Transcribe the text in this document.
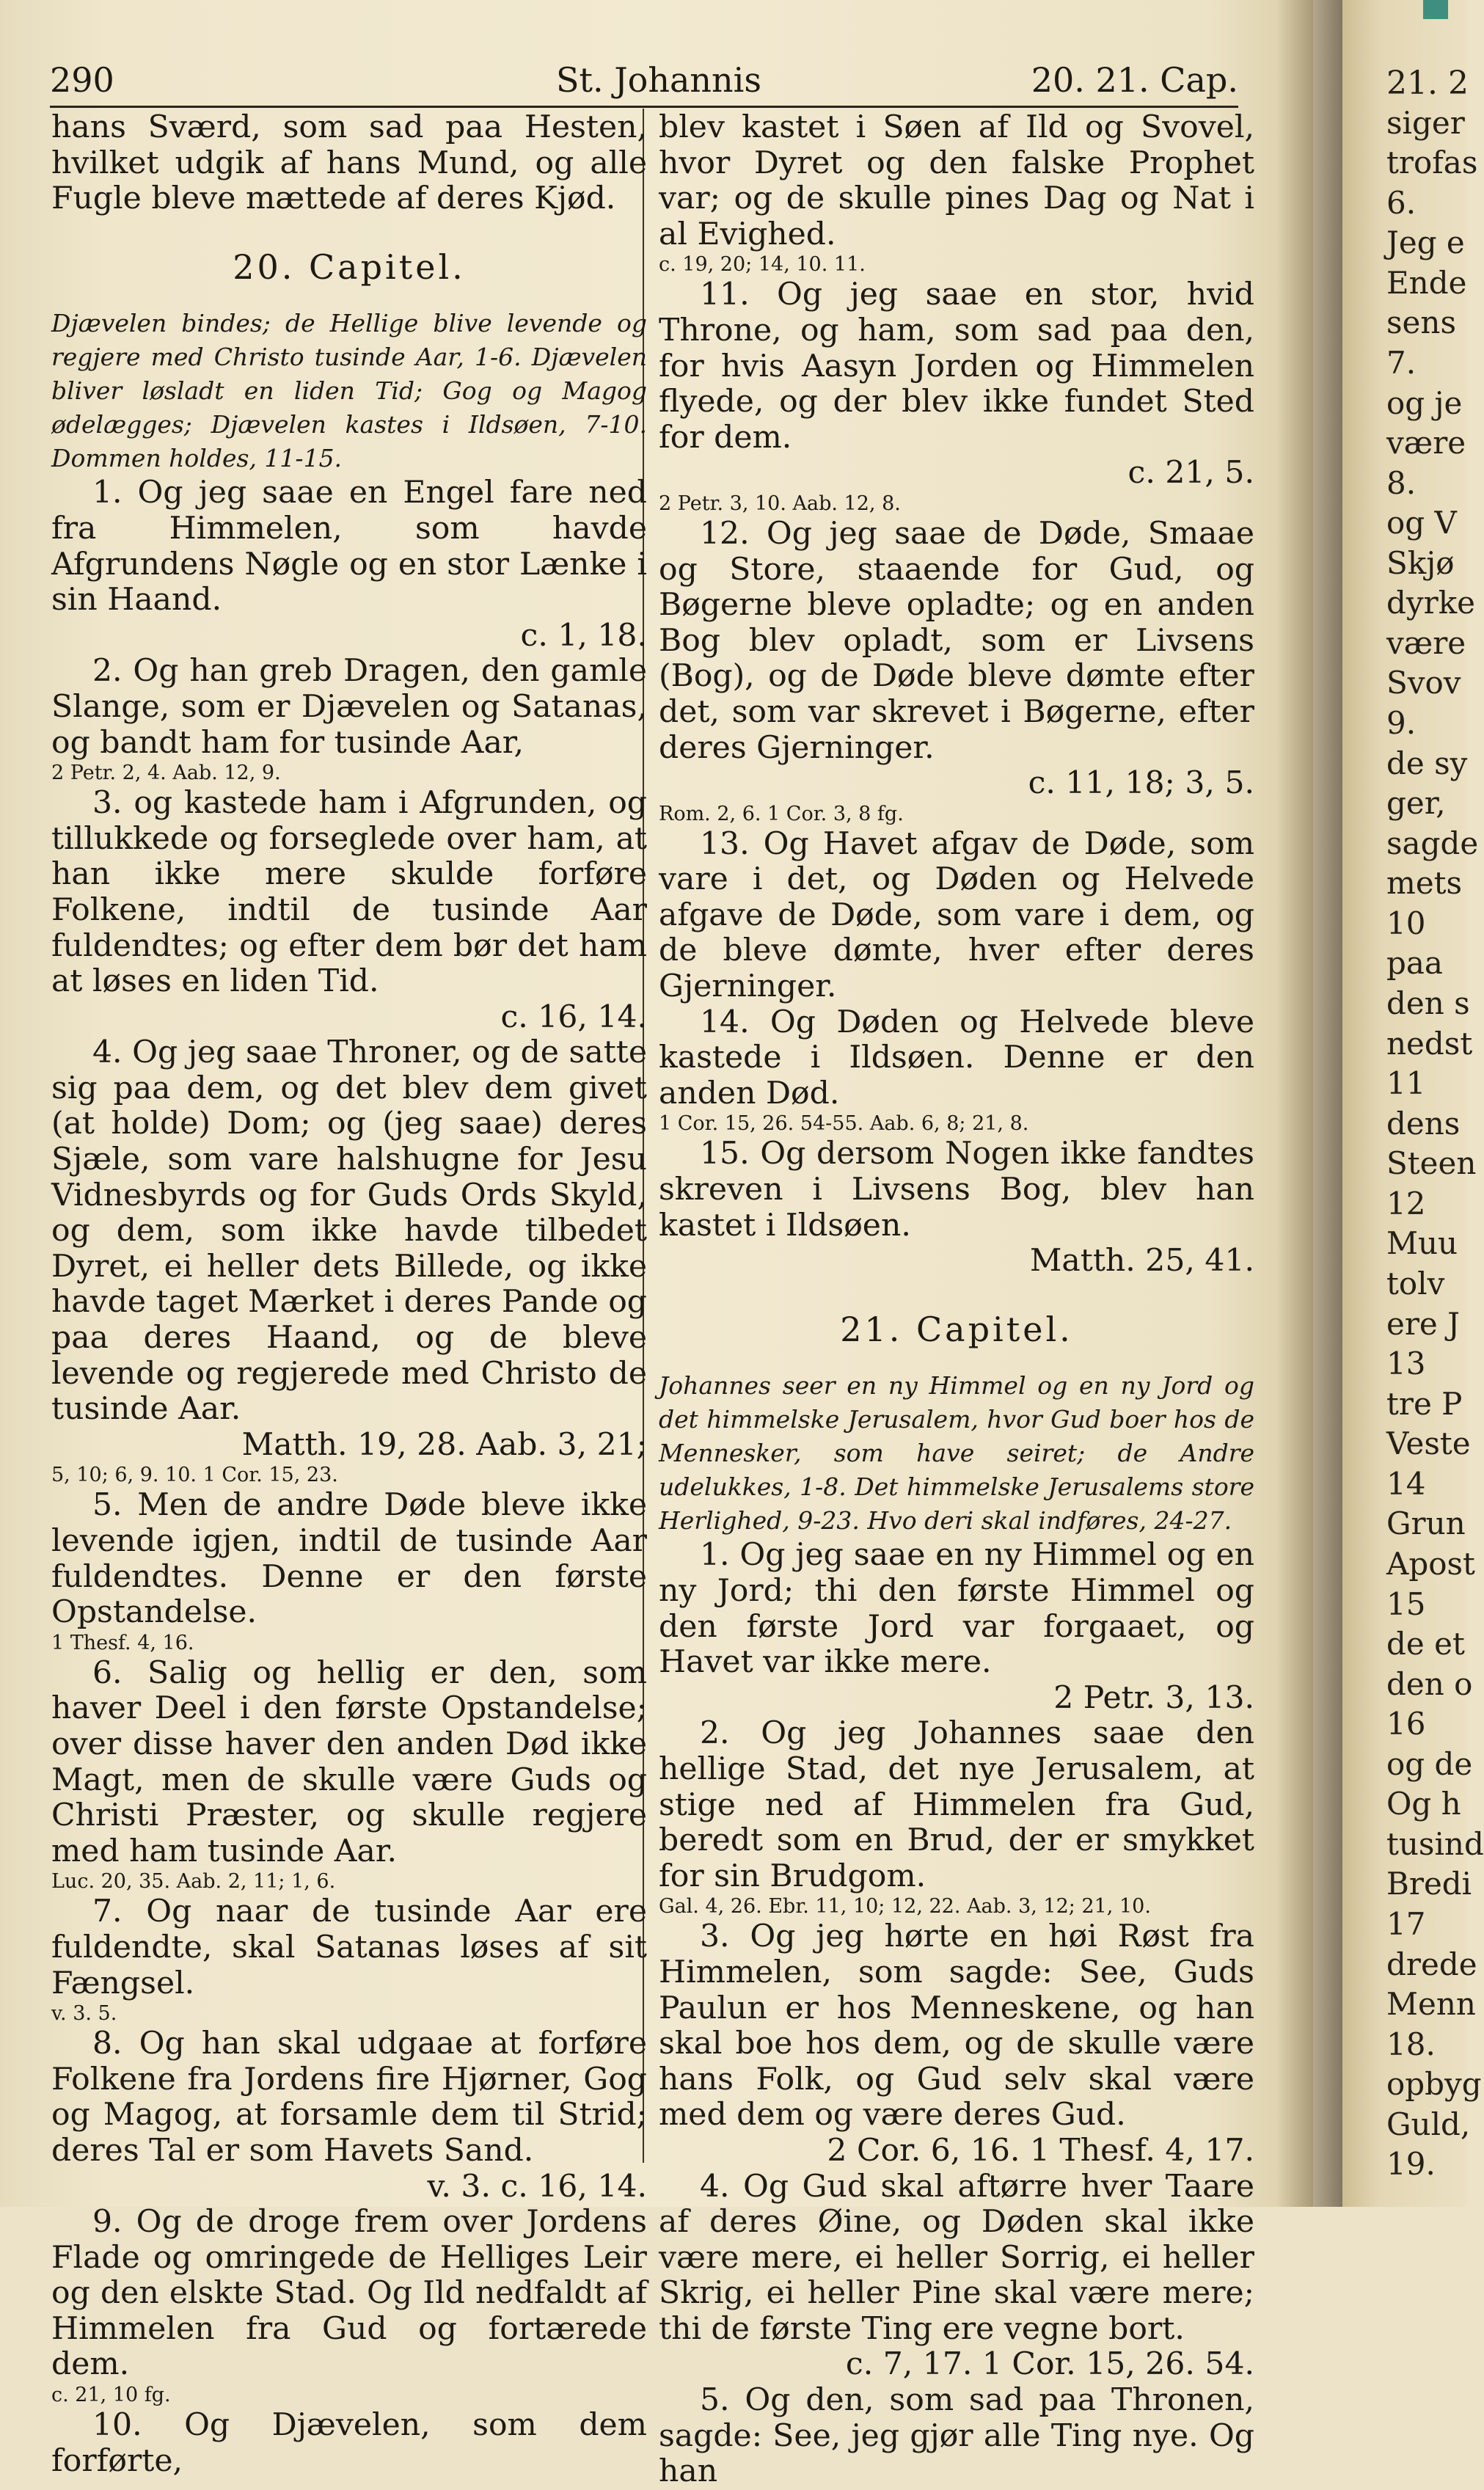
290	St. Johannis	20. 21. Cap.

hans Sværd, som sad paa Hesten, hvilket udgik af hans Mund, og alle Fugle bleve mættede af deres Kjød.

20. Capitel.

Djævelen bindes; de Hellige blive levende og regjere med Christo tusinde Aar, 1-6. Djævelen bliver løsladt en liden Tid; Gog og Magog ødelægges; Djævelen kastes i Ildsøen, 7-10. Dommen holdes, 11-15.

1. Og jeg saae en Engel fare ned fra Himmelen, som havde Afgrundens Nøgle og en stor Lænke i sin Haand.
c. 1, 18.

2. Og han greb Dragen, den gamle Slange, som er Djævelen og Satanas, og bandt ham for tusinde Aar,

2 Petr. 2, 4. Aab. 12, 9.

3. og kastede ham i Afgrunden, og tillukkede og forseglede over ham, at han ikke mere skulde forføre Folkene, indtil de tusinde Aar fuldendtes; og efter dem bør det ham at løses en liden Tid.
c. 16, 14.

4. Og jeg saae Throner, og de satte sig paa dem, og det blev dem givet (at holde) Dom; og (jeg saae) deres Sjæle, som vare halshugne for Jesu Vidnesbyrds og for Guds Ords Skyld, og dem, som ikke havde tilbedet Dyret, ei heller dets Billede, og ikke havde taget Mærket i deres Pande og paa deres Haand, og de bleve levende og regjerede med Christo de tusinde Aar.
Matth. 19, 28. Aab. 3, 21;

5, 10; 6, 9. 10. 1 Cor. 15, 23.

5. Men de andre Døde bleve ikke levende igjen, indtil de tusinde Aar fuldendtes. Denne er den første Opstandelse.

1 Thesf. 4, 16.

6. Salig og hellig er den, som haver Deel i den første Opstandelse; over disse haver den anden Død ikke Magt, men de skulle være Guds og Christi Præster, og skulle regjere med ham tusinde Aar.

Luc. 20, 35. Aab. 2, 11; 1, 6.

7. Og naar de tusinde Aar ere fuldendte, skal Satanas løses af sit Fængsel.

v. 3. 5.

8. Og han skal udgaae at forføre Folkene fra Jordens fire Hjørner, Gog og Magog, at forsamle dem til Strid; deres Tal er som Havets Sand.
v. 3. c. 16, 14.

9. Og de droge frem over Jordens Flade og omringede de Helliges Leir og den elskte Stad. Og Ild nedfaldt af Himmelen fra Gud og fortærede dem.

c. 21, 10 fg.

10. Og Djævelen, som dem forførte,

blev kastet i Søen af Ild og Svovel, hvor Dyret og den falske Prophet var; og de skulle pines Dag og Nat i al Evighed.

c. 19, 20; 14, 10. 11.

11. Og jeg saae en stor, hvid Throne, og ham, som sad paa den, for hvis Aasyn Jorden og Himmelen flyede, og der blev ikke fundet Sted for dem.
c. 21, 5.

2 Petr. 3, 10. Aab. 12, 8.

12. Og jeg saae de Døde, Smaae og Store, staaende for Gud, og Bøgerne bleve opladte; og en anden Bog blev opladt, som er Livsens (Bog), og de Døde bleve dømte efter det, som var skrevet i Bøgerne, efter deres Gjerninger.
c. 11, 18; 3, 5.

Rom. 2, 6. 1 Cor. 3, 8 fg.

13. Og Havet afgav de Døde, som vare i det, og Døden og Helvede afgave de Døde, som vare i dem, og de bleve dømte, hver efter deres Gjerninger.

14. Og Døden og Helvede bleve kastede i Ildsøen. Denne er den anden Død.

1 Cor. 15, 26. 54-55. Aab. 6, 8; 21, 8.

15. Og dersom Nogen ikke fandtes skreven i Livsens Bog, blev han kastet i Ildsøen.
Matth. 25, 41.

21. Capitel.

Johannes seer en ny Himmel og en ny Jord og det himmelske Jerusalem, hvor Gud boer hos de Mennesker, som have seiret; de Andre udelukkes, 1-8. Det himmelske Jerusalems store Herlighed, 9-23. Hvo deri skal indføres, 24-27.

1. Og jeg saae en ny Himmel og en ny Jord; thi den første Himmel og den første Jord var forgaaet, og Havet var ikke mere.
2 Petr. 3, 13.

2. Og jeg Johannes saae den hellige Stad, det nye Jerusalem, at stige ned af Himmelen fra Gud, beredt som en Brud, der er smykket for sin Brudgom.

Gal. 4, 26. Ebr. 11, 10; 12, 22. Aab. 3, 12; 21, 10.

3. Og jeg hørte en høi Røst fra Himmelen, som sagde: See, Guds Paulun er hos Menneskene, og han skal boe hos dem, og de skulle være hans Folk, og Gud selv skal være med dem og være deres Gud.
2 Cor. 6, 16. 1 Thesf. 4, 17.

4. Og Gud skal aftørre hver Taare af deres Øine, og Døden skal ikke være mere, ei heller Sorrig, ei heller Skrig, ei heller Pine skal være mere; thi de første Ting ere vegne bort.
c. 7, 17. 1 Cor. 15, 26. 54.

5. Og den, som sad paa Thronen, sagde: See, jeg gjør alle Ting nye. Og han

21. 2
siger
trofas
6.
Jeg e
Ende
sens
7.
og je
være
8.
og V
Skjø
dyrke
være
Svov
9.
de sy
ger,
sagde
mets
10
paa
den s
nedst
11
dens
Steen
12
Muu
tolv
ere J
13
tre P
Veste
14
Grun
Apost
15
de et
den o
16
og de
Og h
tusind
Bredi
17
drede
Menn
18.
opbyg
Guld,
19.
